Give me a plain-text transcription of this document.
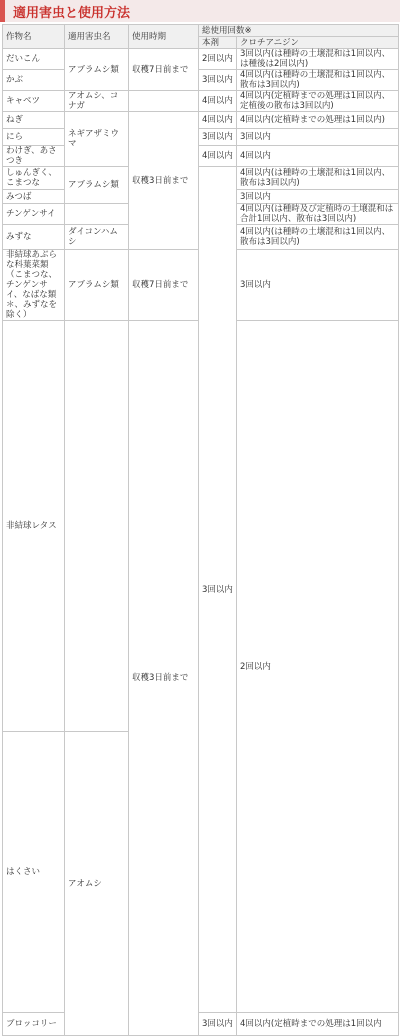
適用害虫と使用方法
作物名	適用害虫名	使用時期	総使用回数※		
			本剤	クロチアニジン	
だいこん	アブラムシ類	収穫7日前まで	2回以内	3回以内(は種時の土壌混和は1回以内、は種後は2回以内)	
かぶ			3回以内	4回以内(は種時の土壌混和は1回以内、散布は3回以内)	
キャベツ	アオムシ、コナガ		4回以内	4回以内(定植時までの処理は1回以内、定植後の散布は3回以内)	
ねぎ	ネギアザミウマ	収穫3日前まで	4回以内	4回以内(定植時までの処理は1回以内)	
にら			3回以内	3回以内	
わけぎ、あさつき			4回以内	4回以内	
しゅんぎく、こまつな	アブラムシ類		3回以内	4回以内(は種時の土壌混和は1回以内、散布は3回以内)	
みつば				3回以内	
チンゲンサイ				4回以内(は種時及び定植時の土壌混和は合計1回以内、散布は3回以内)	
みずな	ダイコンハムシ			4回以内(は種時の土壌混和は1回以内、散布は3回以内)	
非結球あぶらな科葉菜類（こまつな、チンゲンサイ、なばな類＊、みずなを除く）	アブラムシ類	収穫7日前まで		3回以内	
非結球レタス		収穫3日前まで		2回以内	
はくさい	アオムシ	
ブロッコリー			3回以内	4回以内(定植時までの処理は1回以内	
